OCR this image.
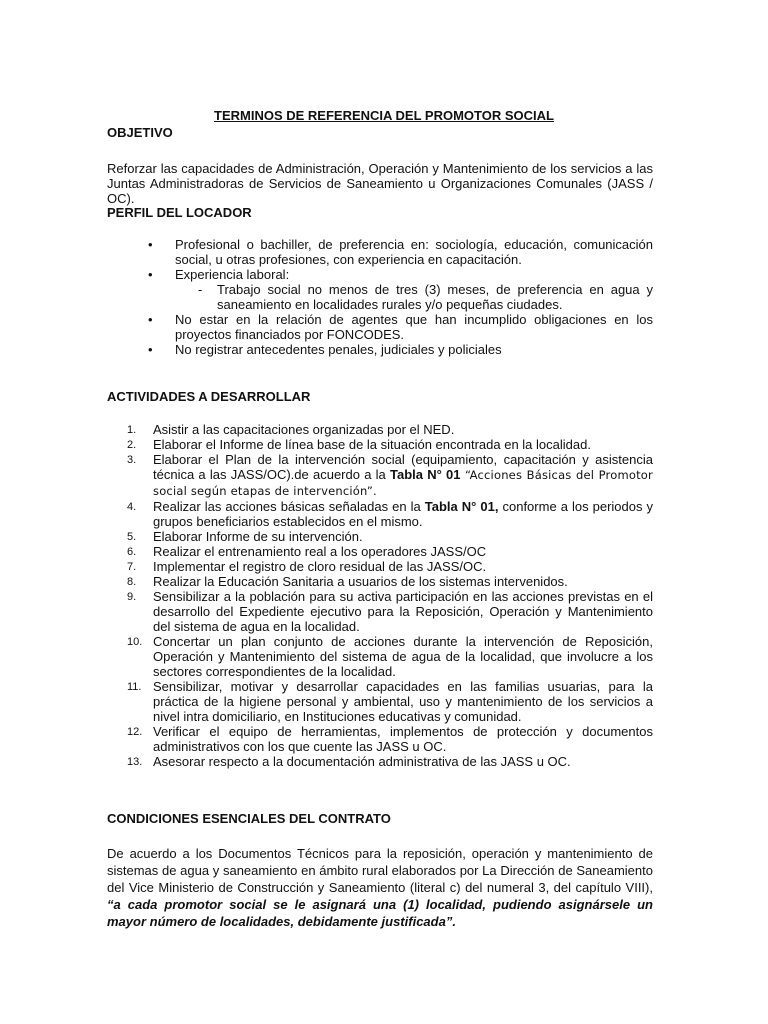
TERMINOS DE REFERENCIA DEL PROMOTOR SOCIAL
OBJETIVO

Reforzar las capacidades de Administración, Operación y Mantenimiento de los servicios a las Juntas Administradoras de Servicios de Saneamiento u Organizaciones Comunales (JASS / OC).

PERFIL DEL LOCADOR
• Profesional o bachiller, de preferencia en: sociología, educación, comunicación social, u otras profesiones, con experiencia en capacitación.
• Experiencia laboral:
- Trabajo social no menos de tres (3) meses, de preferencia en agua y saneamiento en localidades rurales y/o pequeñas ciudades.
• No estar en la relación de agentes que han incumplido obligaciones en los proyectos financiados por FONCODES.
• No registrar antecedentes penales, judiciales y policiales
ACTIVIDADES A DESARROLLAR
1. Asistir a las capacitaciones organizadas por el NED.
2. Elaborar el Informe de línea base de la situación encontrada en la localidad.
3. Elaborar el Plan de la intervención social (equipamiento, capacitación y asistencia técnica a las JASS/OC).de acuerdo a la Tabla N° 01 “Acciones Básicas del Promotor social según etapas de intervención”.
4. Realizar las acciones básicas señaladas en la Tabla N° 01, conforme a los periodos y grupos beneficiarios establecidos en el mismo.
5. Elaborar Informe de su intervención.
6. Realizar el entrenamiento real a los operadores JASS/OC
7. Implementar el registro de cloro residual de las JASS/OC.
8. Realizar la Educación Sanitaria a usuarios de los sistemas intervenidos.
9. Sensibilizar a la población para su activa participación en las acciones previstas en el desarrollo del Expediente ejecutivo para la Reposición, Operación y Mantenimiento del sistema de agua en la localidad.
10. Concertar un plan conjunto de acciones durante la intervención de Reposición, Operación y Mantenimiento del sistema de agua de la localidad, que involucre a los sectores correspondientes de la localidad.
11. Sensibilizar, motivar y desarrollar capacidades en las familias usuarias, para la práctica de la higiene personal y ambiental, uso y mantenimiento de los servicios a nivel intra domiciliario, en Instituciones educativas y comunidad.
12. Verificar el equipo de herramientas, implementos de protección y documentos administrativos con los que cuente las JASS u OC.
13. Asesorar respecto a la documentación administrativa de las JASS u OC.
CONDICIONES ESENCIALES DEL CONTRATO

De acuerdo a los Documentos Técnicos para la reposición, operación y mantenimiento de sistemas de agua y saneamiento en ámbito rural elaborados por La Dirección de Saneamiento del Vice Ministerio de Construcción y Saneamiento (literal c) del numeral 3, del capítulo VIII), “a cada promotor social se le asignará una (1) localidad, pudiendo asignársele un mayor número de localidades, debidamente justificada”.
